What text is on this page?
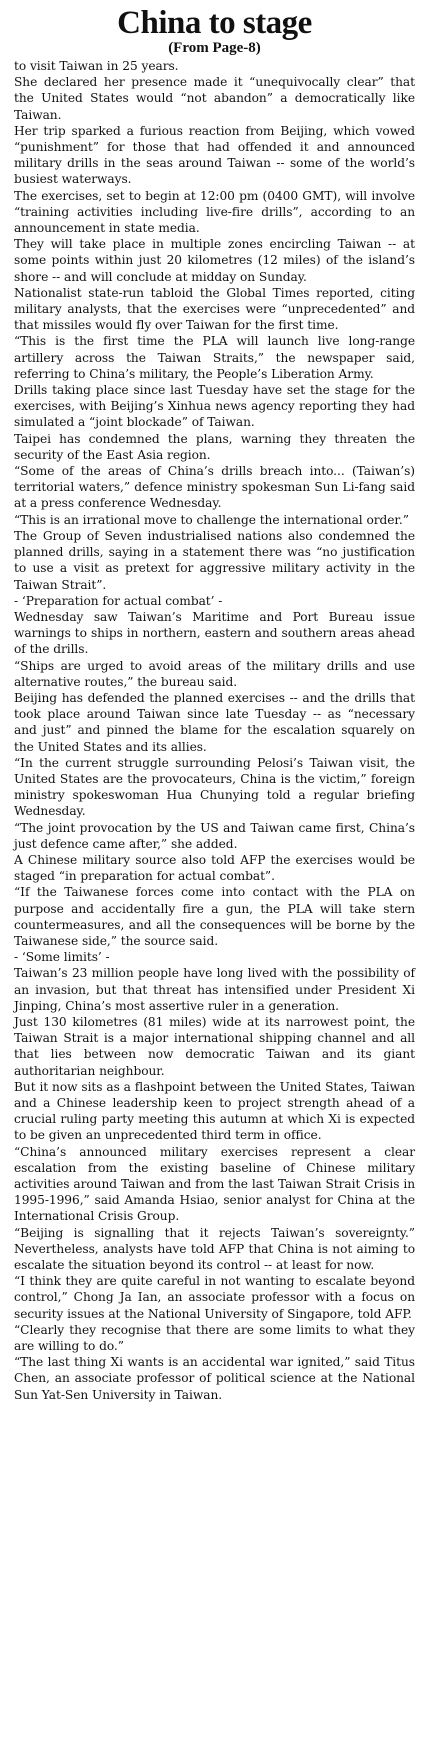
China to stage
(From Page-8)

to visit Taiwan in 25 years.

She declared her presence made it “unequivocally clear” that the United States would “not abandon” a democratically like Taiwan.

Her trip sparked a furious reaction from Beijing, which vowed “punishment” for those that had offended it and announced military drills in the seas around Taiwan -- some of the world’s busiest waterways.

The exercises, set to begin at 12:00 pm (0400 GMT), will involve “training activities including live-fire drills”, according to an announcement in state media.

They will take place in multiple zones encircling Taiwan -- at some points within just 20 kilometres (12 miles) of the island’s shore -- and will conclude at midday on Sunday.

Nationalist state-run tabloid the Global Times reported, citing military analysts, that the exercises were “unprecedented” and that missiles would fly over Taiwan for the first time.

“This is the first time the PLA will launch live long-range artillery across the Taiwan Straits,” the newspaper said, referring to China’s military, the People’s Liberation Army.

Drills taking place since last Tuesday have set the stage for the exercises, with Beijing’s Xinhua news agency reporting they had simulated a “joint blockade” of Taiwan.

Taipei has condemned the plans, warning they threaten the security of the East Asia region.

“Some of the areas of China’s drills breach into... (Taiwan’s) territorial waters,” defence ministry spokesman Sun Li-fang said at a press conference Wednesday.

“This is an irrational move to challenge the international order.”

The Group of Seven industrialised nations also condemned the planned drills, saying in a statement there was “no justification to use a visit as pretext for aggressive military activity in the Taiwan Strait”.

- ‘Preparation for actual combat’ -

Wednesday saw Taiwan’s Maritime and Port Bureau issue warnings to ships in northern, eastern and southern areas ahead of the drills.

“Ships are urged to avoid areas of the military drills and use alternative routes,” the bureau said.

Beijing has defended the planned exercises -- and the drills that took place around Taiwan since late Tuesday -- as “necessary and just” and pinned the blame for the escalation squarely on the United States and its allies.

“In the current struggle surrounding Pelosi’s Taiwan visit, the United States are the provocateurs, China is the victim,” foreign ministry spokeswoman Hua Chunying told a regular briefing Wednesday.

“The joint provocation by the US and Taiwan came first, China’s just defence came after,” she added.

A Chinese military source also told AFP the exercises would be staged “in preparation for actual combat”.

“If the Taiwanese forces come into contact with the PLA on purpose and accidentally fire a gun, the PLA will take stern countermeasures, and all the consequences will be borne by the Taiwanese side,” the source said.

- ‘Some limits’ -

Taiwan’s 23 million people have long lived with the possibility of an invasion, but that threat has intensified under President Xi Jinping, China’s most assertive ruler in a generation.

Just 130 kilometres (81 miles) wide at its narrowest point, the Taiwan Strait is a major international shipping channel and all that lies between now democratic Taiwan and its giant authoritarian neighbour.

But it now sits as a flashpoint between the United States, Taiwan and a Chinese leadership keen to project strength ahead of a crucial ruling party meeting this autumn at which Xi is expected to be given an unprecedented third term in office.

“China’s announced military exercises represent a clear escalation from the existing baseline of Chinese military activities around Taiwan and from the last Taiwan Strait Crisis in 1995-1996,” said Amanda Hsiao, senior analyst for China at the International Crisis Group.

“Beijing is signalling that it rejects Taiwan’s sovereignty.” Nevertheless, analysts have told AFP that China is not aiming to escalate the situation beyond its control -- at least for now.

“I think they are quite careful in not wanting to escalate beyond control,” Chong Ja Ian, an associate professor with a focus on security issues at the National University of Singapore, told AFP.

“Clearly they recognise that there are some limits to what they are willing to do.”

“The last thing Xi wants is an accidental war ignited,” said Titus Chen, an associate professor of political science at the National Sun Yat-Sen University in Taiwan.
